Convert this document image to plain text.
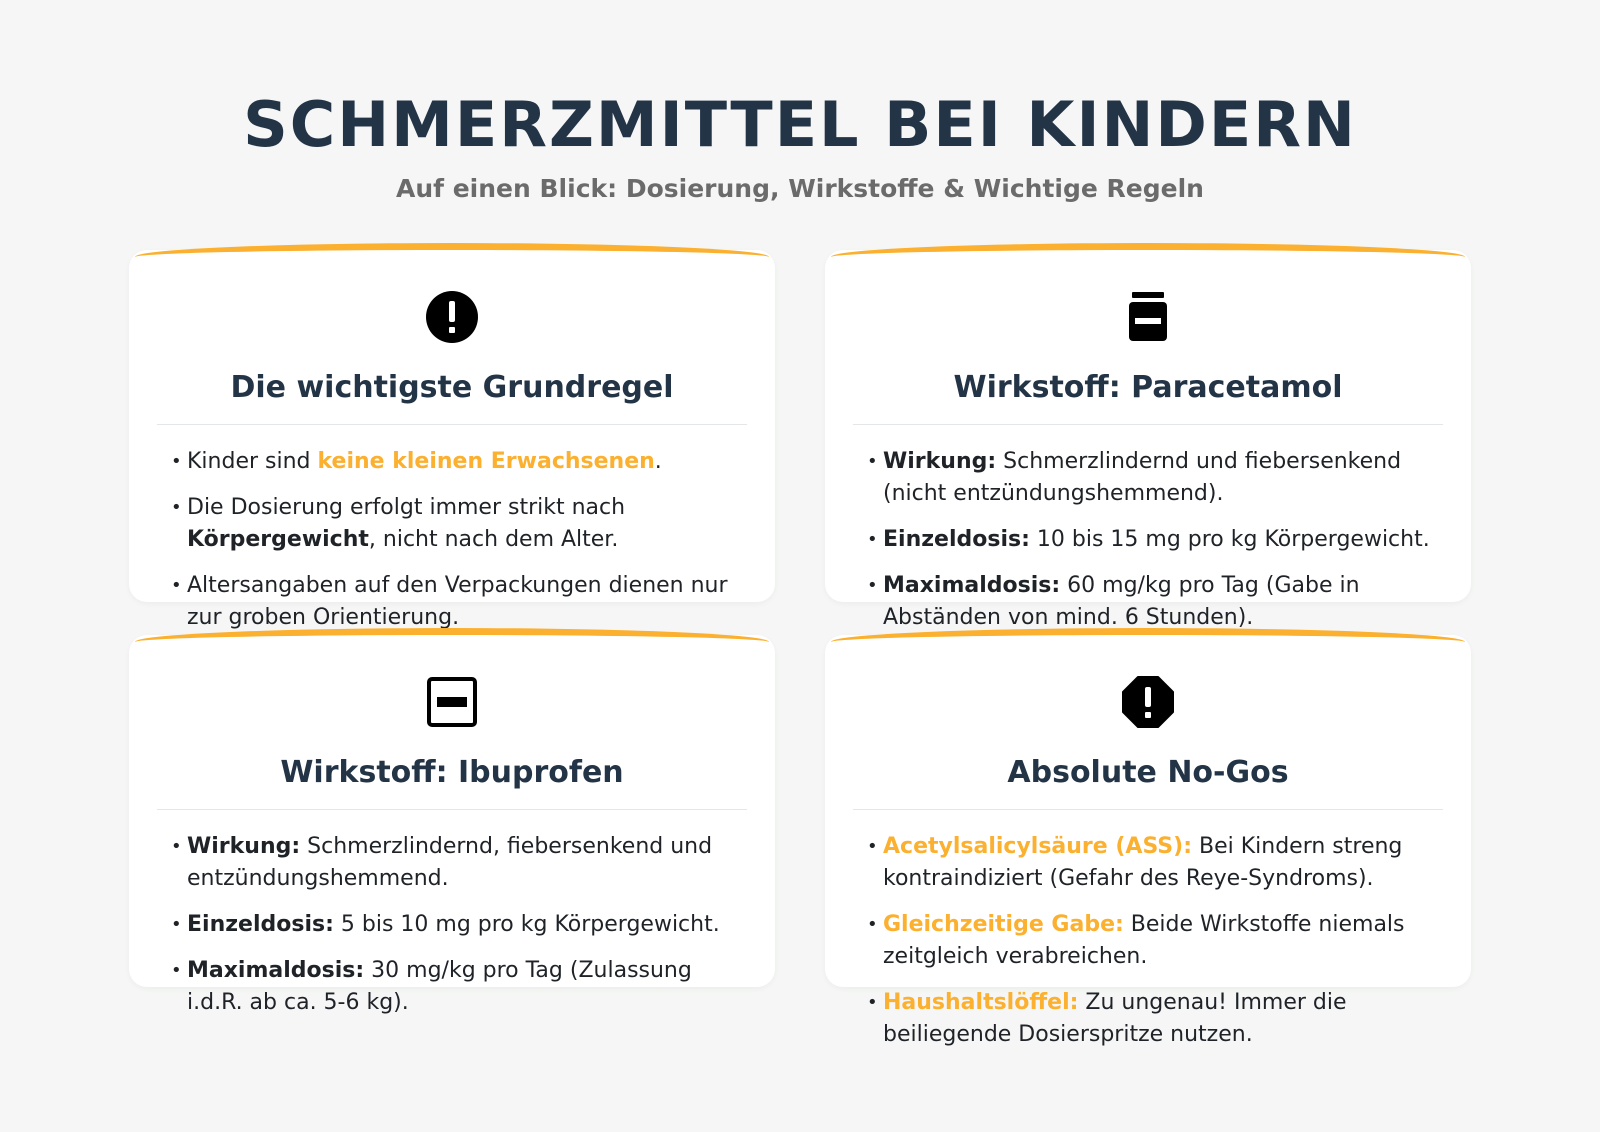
SCHMERZMITTEL BEI KINDERN
Auf einen Blick: Dosierung, Wirkstoffe & Wichtige Regeln
Die wichtigste Grundregel
• Kinder sind keine kleinen Erwachsenen.
• Die Dosierung erfolgt immer strikt nach Körpergewicht, nicht nach dem Alter.
• Altersangaben auf den Verpackungen dienen nur zur groben Orientierung.
Wirkstoff: Paracetamol
• Wirkung: Schmerzlindernd und fiebersenkend (nicht entzündungshemmend).
• Einzeldosis: 10 bis 15 mg pro kg Körpergewicht.
• Maximaldosis: 60 mg/kg pro Tag (Gabe in Abständen von mind. 6 Stunden).
Wirkstoff: Ibuprofen
• Wirkung: Schmerzlindernd, fiebersenkend und entzündungshemmend.
• Einzeldosis: 5 bis 10 mg pro kg Körpergewicht.
• Maximaldosis: 30 mg/kg pro Tag (Zulassung i.d.R. ab ca. 5-6 kg).
Absolute No-Gos
• Acetylsalicylsäure (ASS): Bei Kindern streng kontraindiziert (Gefahr des Reye-Syndroms).
• Gleichzeitige Gabe: Beide Wirkstoffe niemals zeitgleich verabreichen.
• Haushaltslöffel: Zu ungenau! Immer die beiliegende Dosierspritze nutzen.
